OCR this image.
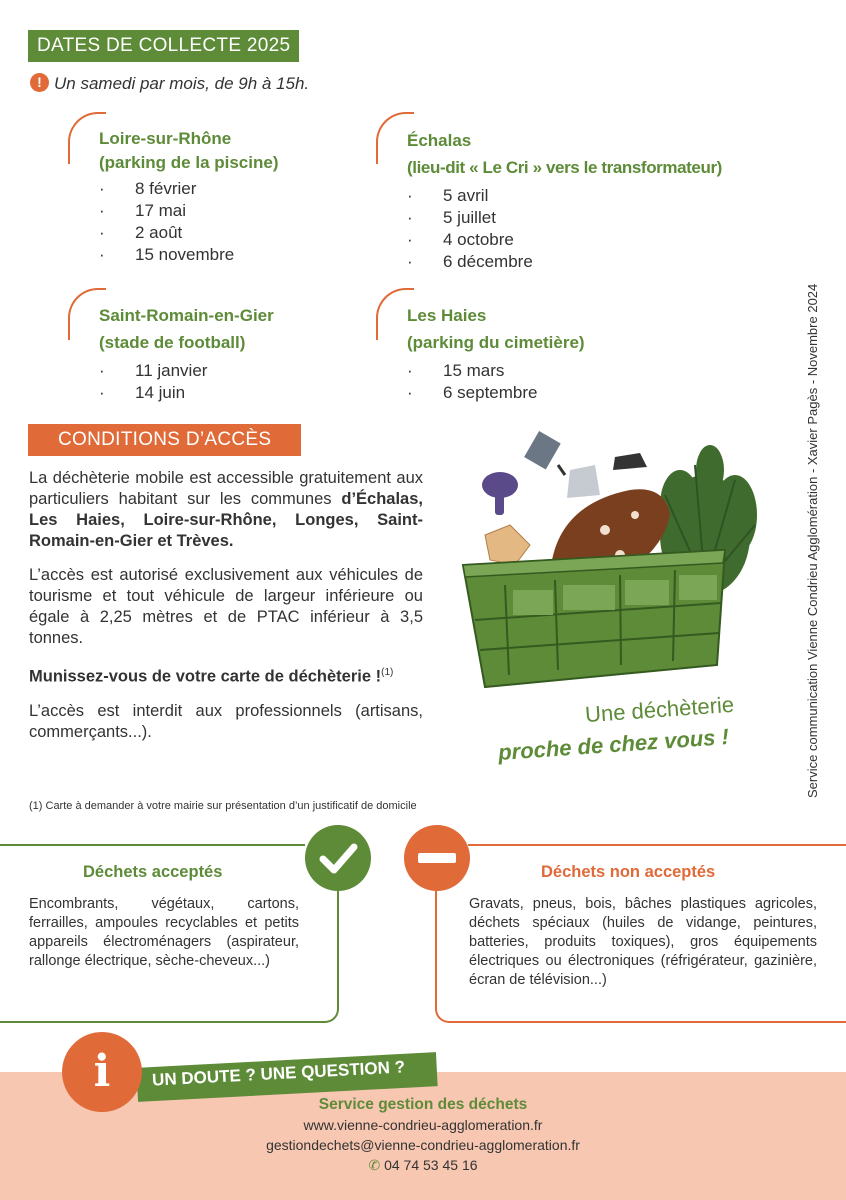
DATES DE COLLECTE 2025
! Un samedi par mois, de 9h à 15h.
Loire-sur-Rhône
(parking de la piscine)
· 8 février
· 17 mai
· 2 août
· 15 novembre
Échalas
(lieu-dit « Le Cri » vers le transformateur)
· 5 avril
· 5 juillet
· 4 octobre
· 6 décembre
Saint-Romain-en-Gier
(stade de football)
· 11 janvier
· 14 juin
Les Haies
(parking du cimetière)
· 15 mars
· 6 septembre
CONDITIONS D’ACCÈS

La déchèterie mobile est accessible gratuitement aux particuliers habitant sur les communes d’Échalas, Les Haies, Loire-sur-Rhône, Longes, Saint-Romain-en-Gier et Trèves.

L’accès est autorisé exclusivement aux véhicules de tourisme et tout véhicule de largeur inférieure ou égale à 2,25 mètres et de PTAC inférieur à 3,5 tonnes.

Munissez-vous de votre carte de déchèterie !$^{(1)}$

L’accès est interdit aux professionnels (artisans, commerçants...).

(1) Carte à demander à votre mairie sur présentation d’un justificatif de domicile
Une déchèterie
proche de chez vous !	Service communication Vienne Condrieu Agglomération - Xavier Pagès - Novembre 2024
Déchets acceptés

Encombrants, végétaux, cartons, ferrailles, ampoules recyclables et petits appareils électroménagers (aspirateur, rallonge électrique, sèche-cheveux...)

Déchets non acceptés

Gravats, pneus, bois, bâches plastiques agricoles, déchets spéciaux (huiles de vidange, peintures, batteries, produits toxiques), gros équipements électriques ou électroniques (réfrigérateur, gazinière, écran de télévision...)

UN DOUTE ? UNE QUESTION ?
i
Service gestion des déchets
www.vienne-condrieu-agglomeration.fr
gestiondechets@vienne-condrieu-agglomeration.fr
✆ 04 74 53 45 16
